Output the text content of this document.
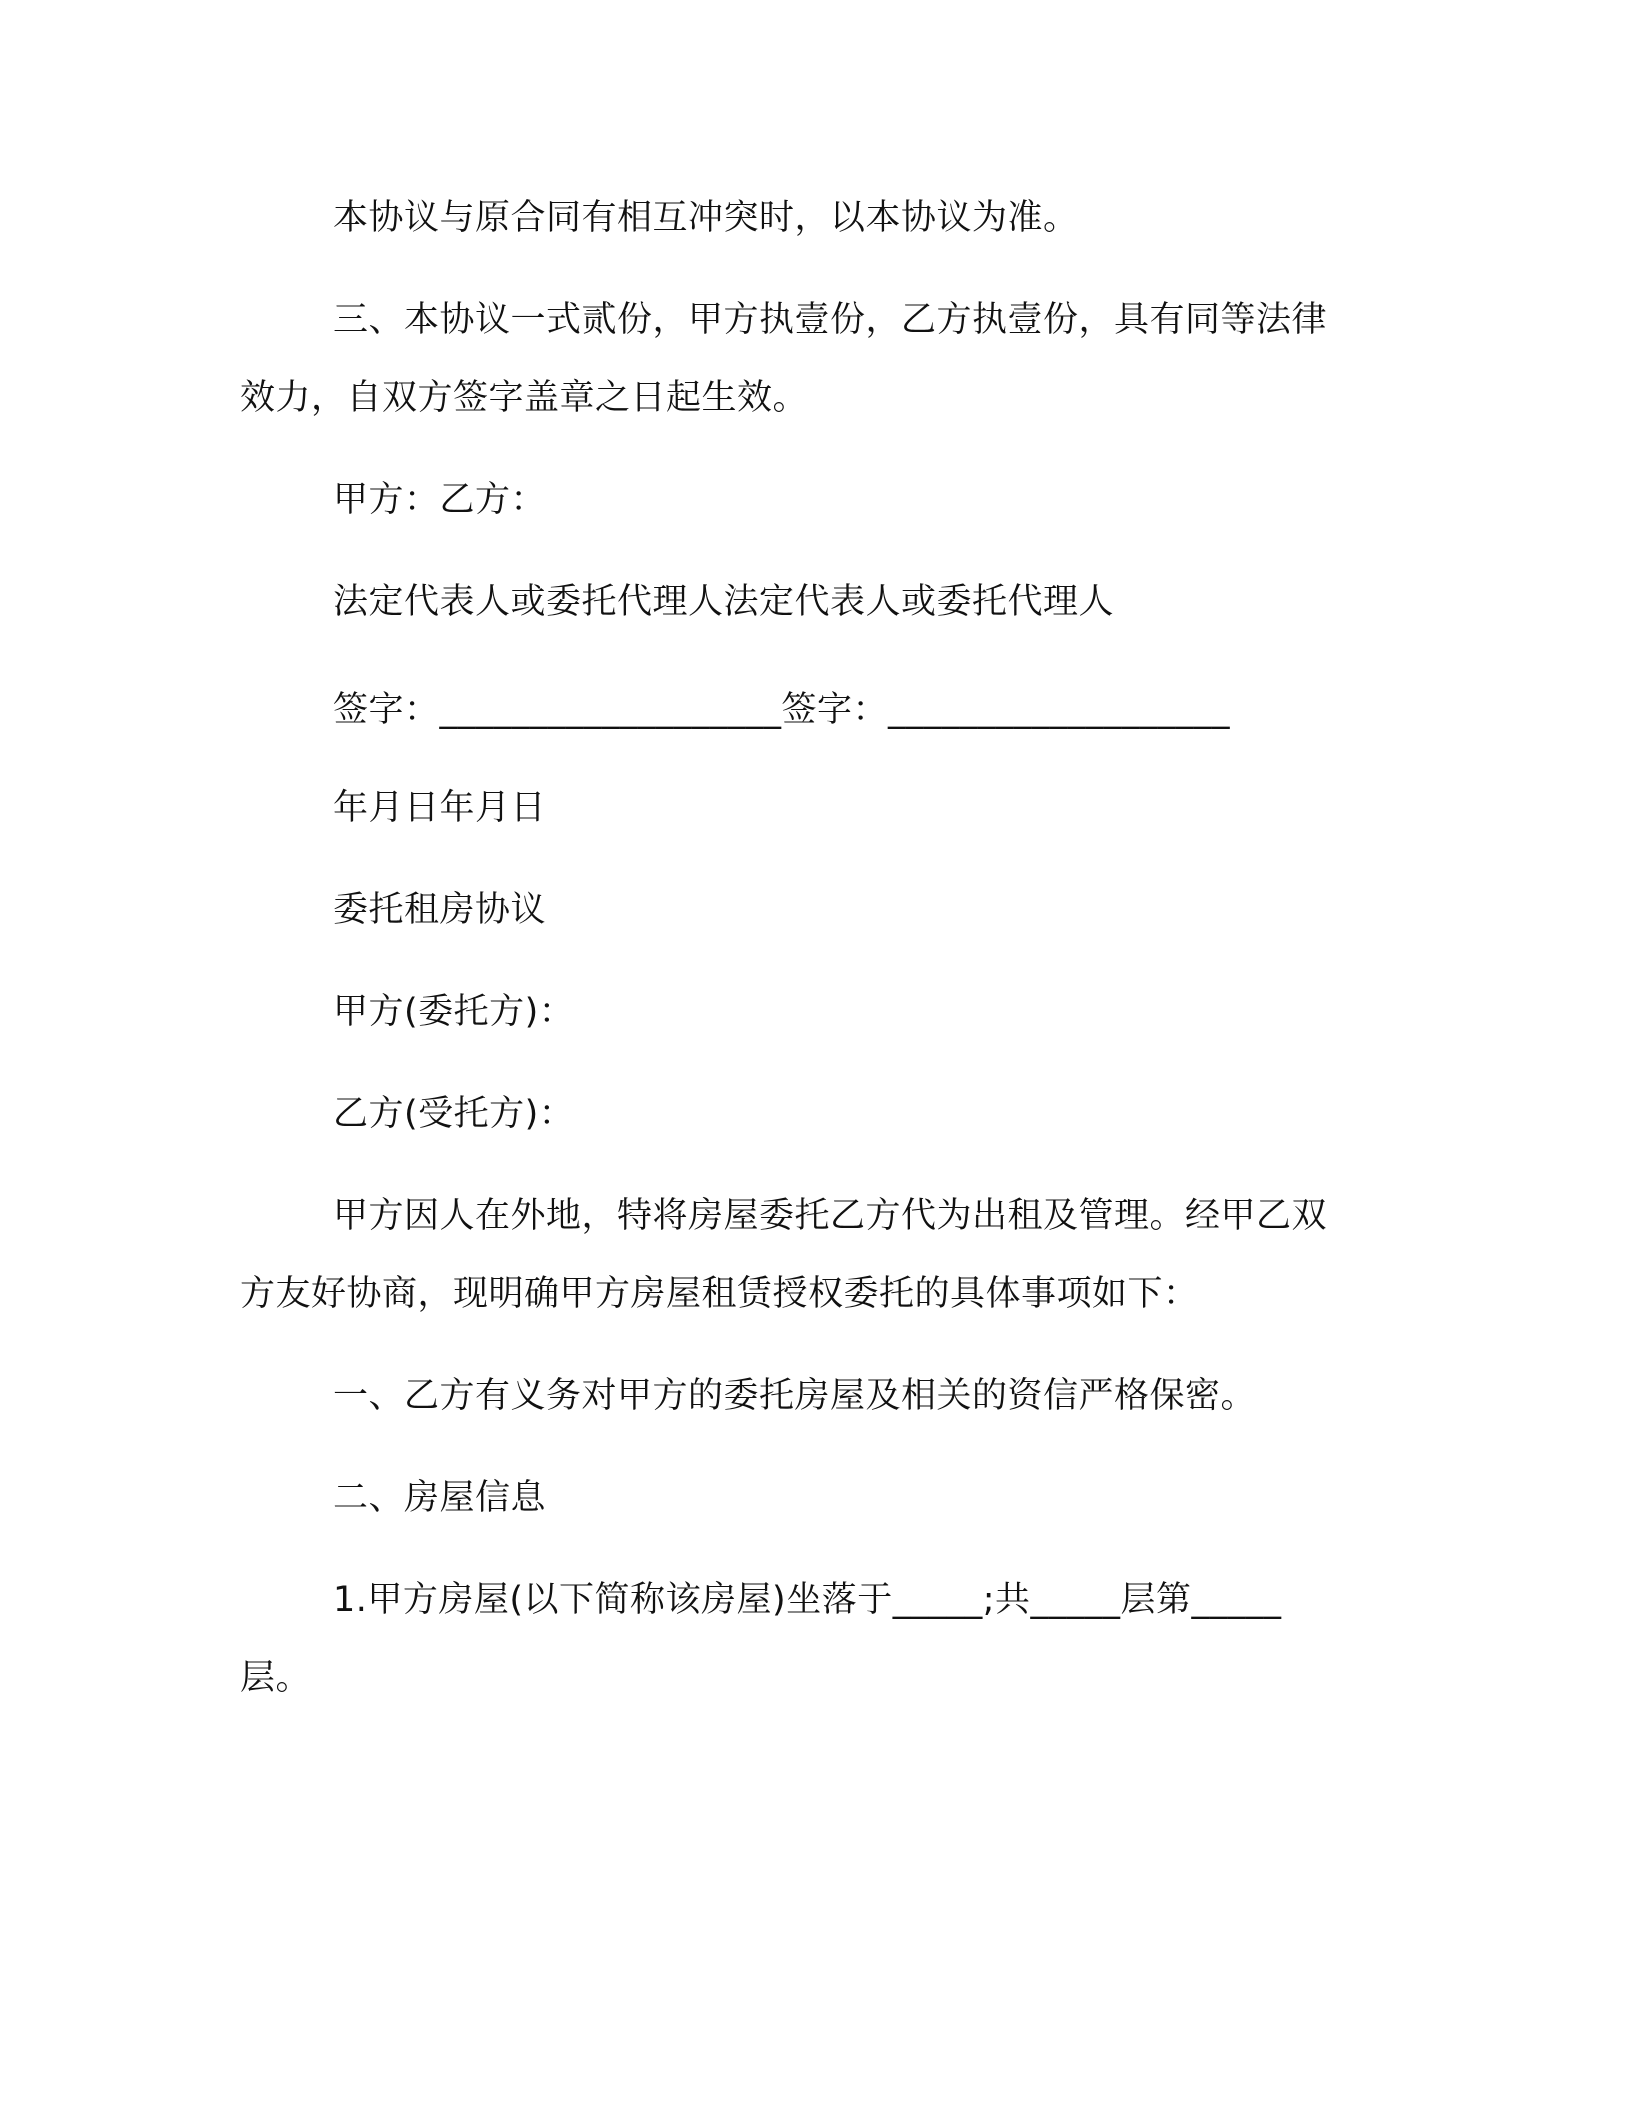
本协议与原合同有相互冲突时，以本协议为准。
三、本协议一式贰份，甲方执壹份，乙方执壹份，具有同等法律
效力，自双方签字盖章之日起生效。
甲方：乙方：
法定代表人或委托代理人法定代表人或委托代理人
签字：___________________签字：___________________
年月日年月日
委托租房协议
甲方(委托方)：
乙方(受托方)：
甲方因人在外地，特将房屋委托乙方代为出租及管理。经甲乙双
方友好协商，现明确甲方房屋租赁授权委托的具体事项如下：
一、乙方有义务对甲方的委托房屋及相关的资信严格保密。
二、房屋信息
1.甲方房屋(以下简称该房屋)坐落于_____;共_____层第_____
层。
